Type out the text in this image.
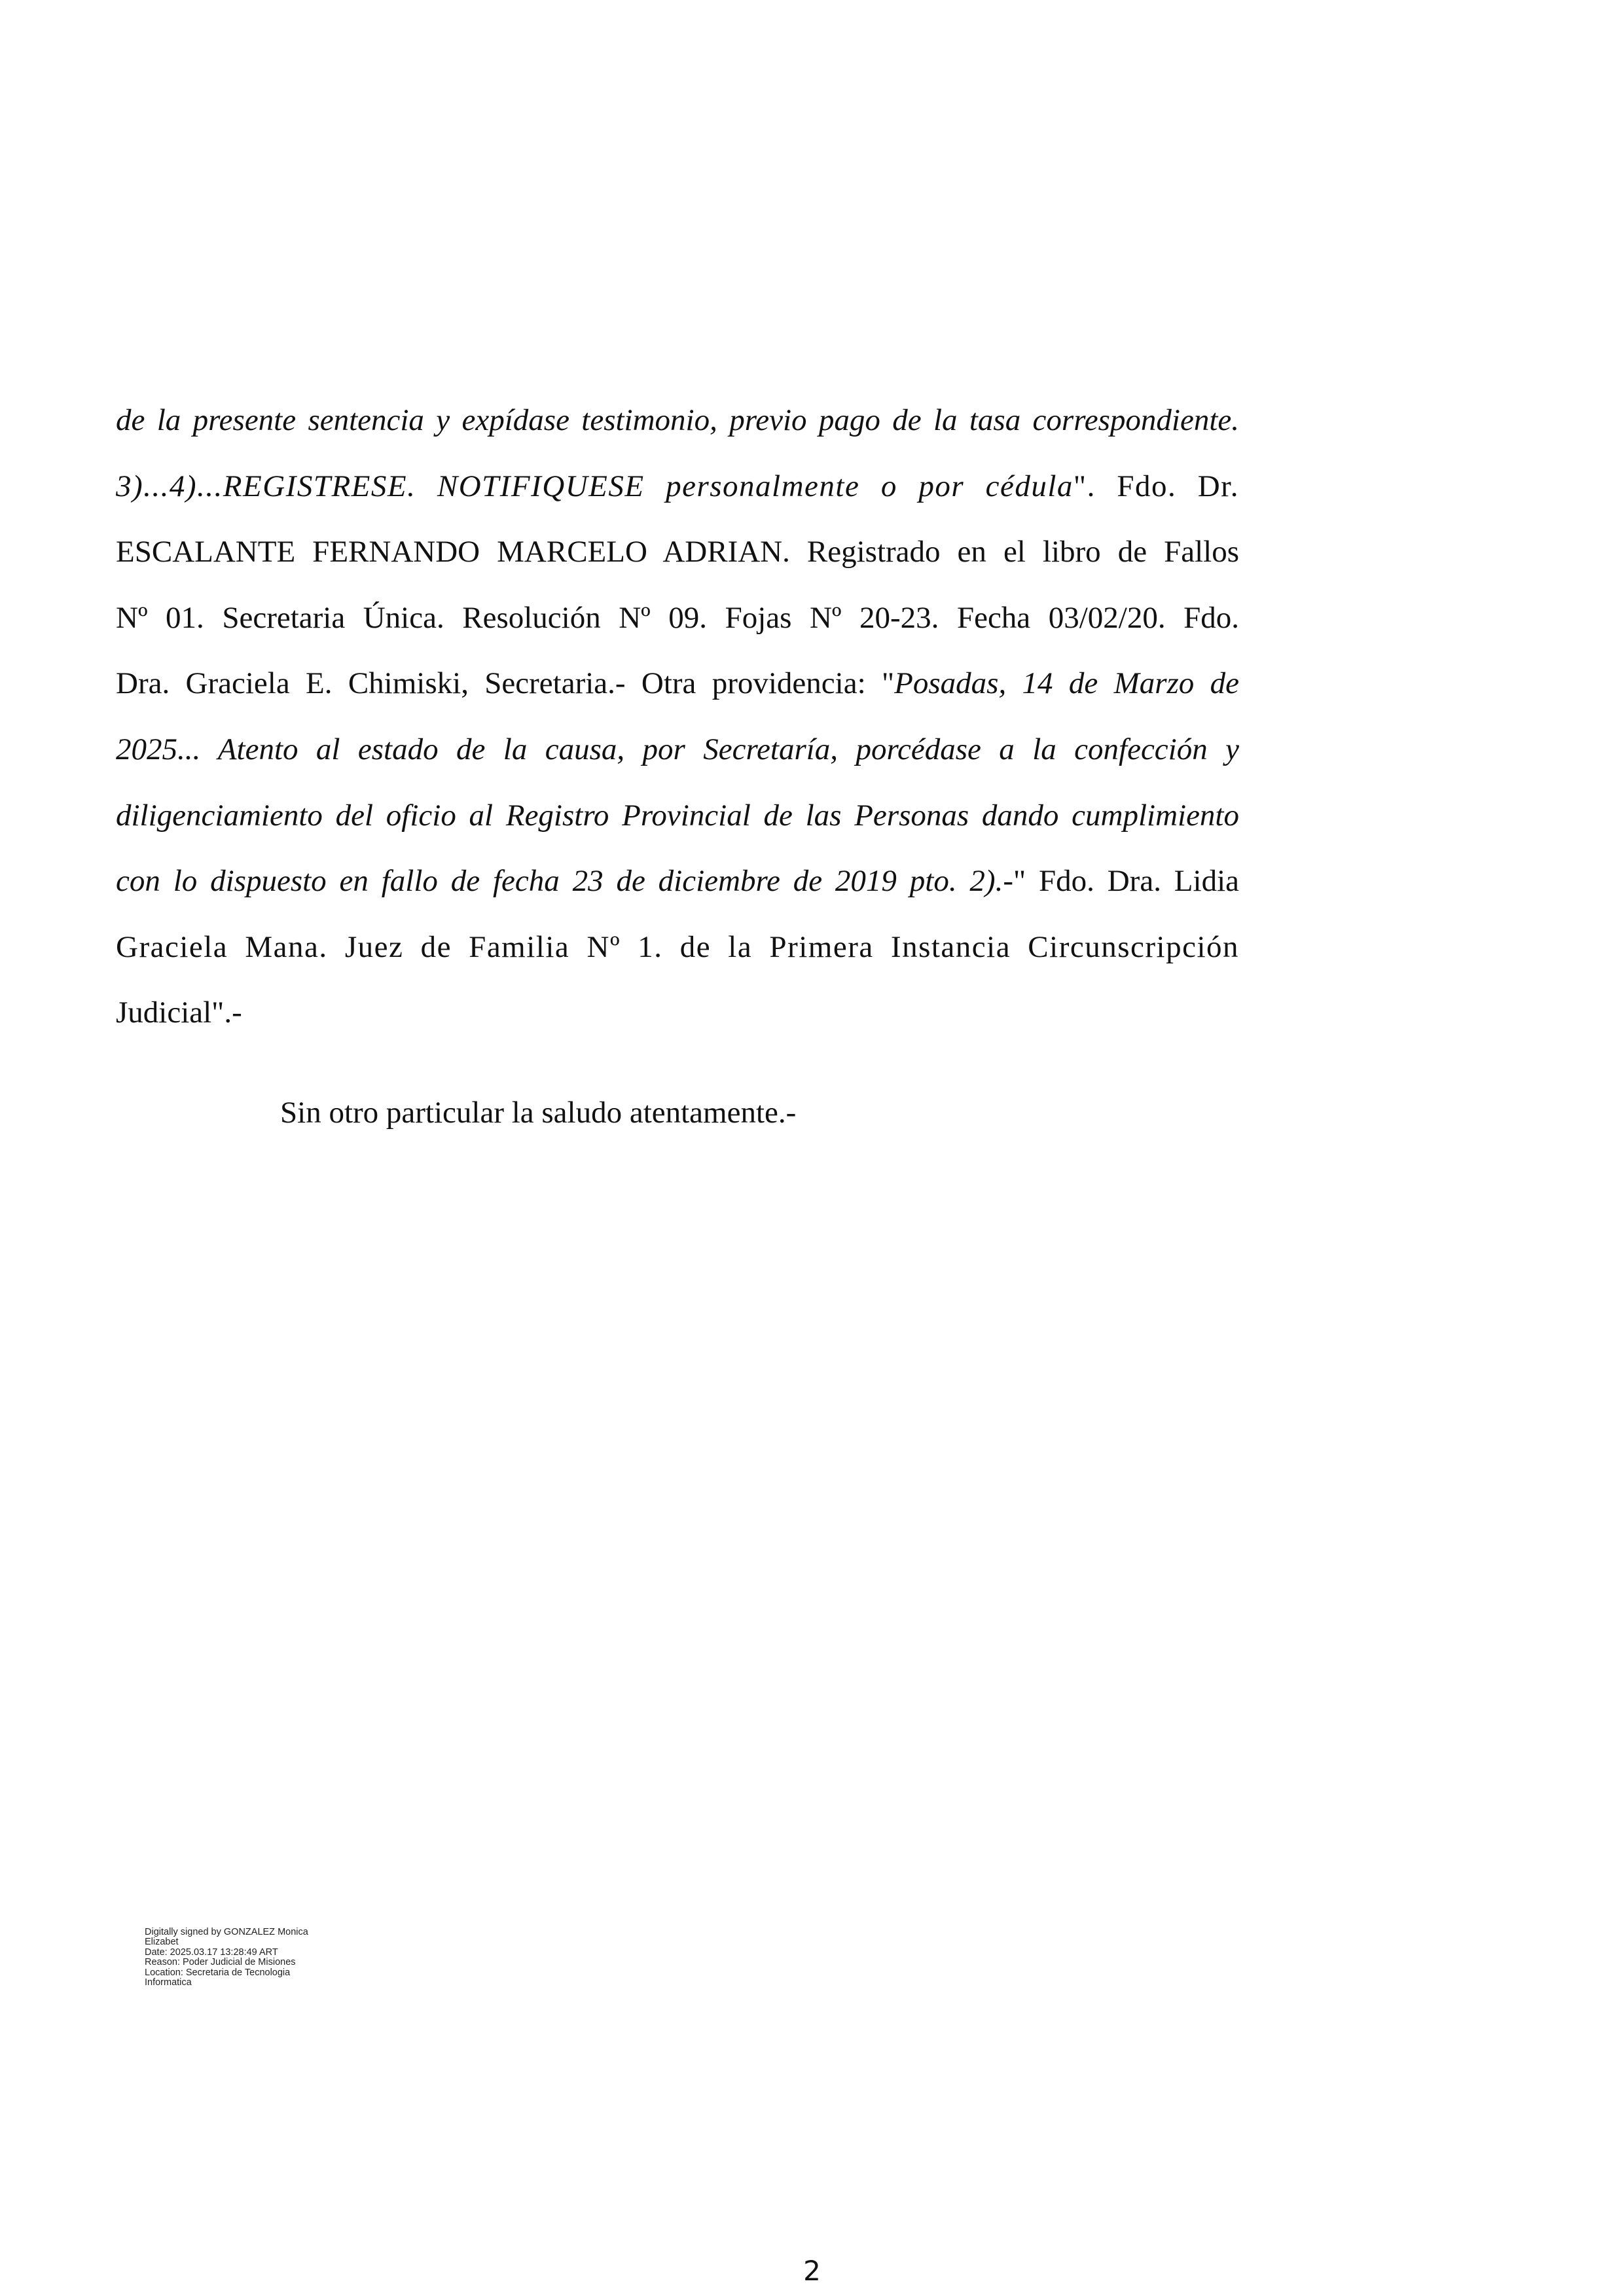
de la presente sentencia y expídase testimonio, previo pago de la tasa correspondiente.
3)...4)...REGISTRESE. NOTIFIQUESE personalmente o por cédula". Fdo. Dr.
ESCALANTE FERNANDO MARCELO ADRIAN. Registrado en el libro de Fallos
Nº 01. Secretaria Única. Resolución Nº 09. Fojas Nº 20-23. Fecha 03/02/20. Fdo.
Dra. Graciela E. Chimiski, Secretaria.- Otra providencia: "Posadas, 14 de Marzo de
2025... Atento al estado de la causa, por Secretaría, porcédase a la confección y
diligenciamiento del oficio al Registro Provincial de las Personas dando cumplimiento
con lo dispuesto en fallo de fecha 23 de diciembre de 2019 pto. 2).-" Fdo. Dra. Lidia
Graciela Mana. Juez de Familia Nº 1. de la Primera Instancia Circunscripción
Judicial".-

Sin otro particular la saludo atentamente.-

Digitally signed by GONZALEZ Monica
Elizabet
Date: 2025.03.17 13:28:49 ART
Reason: Poder Judicial de Misiones
Location: Secretaria de Tecnologia
Informatica
2
